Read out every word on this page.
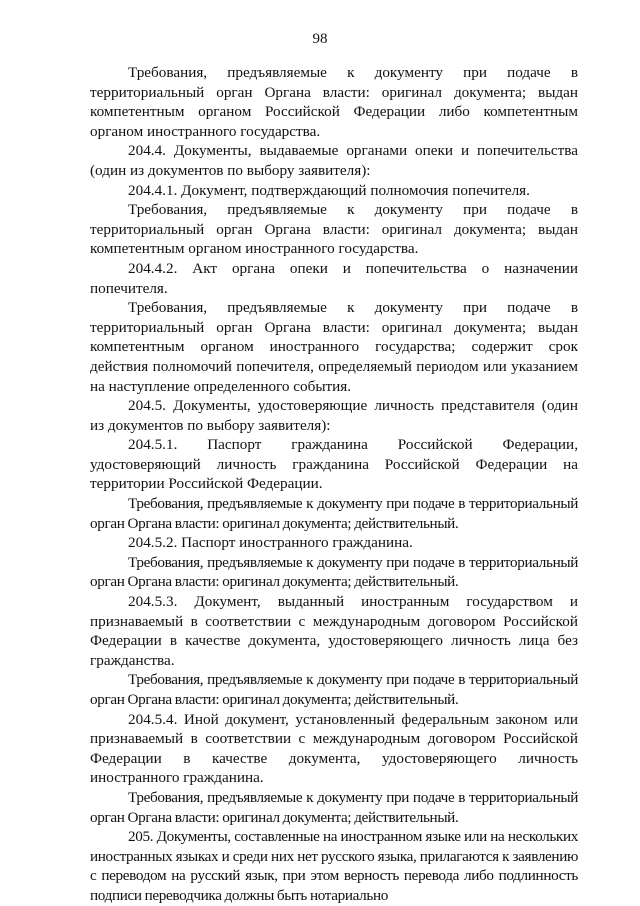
98

Требования, предъявляемые к документу при подаче в территориальный орган Органа власти: оригинал документа; выдан компетентным органом Российской Федерации либо компетентным органом иностранного государства.

204.4. Документы, выдаваемые органами опеки и попечительства (один из документов по выбору заявителя):

204.4.1. Документ, подтверждающий полномочия попечителя.

Требования, предъявляемые к документу при подаче в территориальный орган Органа власти: оригинал документа; выдан компетентным органом иностранного государства.

204.4.2. Акт органа опеки и попечительства о назначении попечителя.

Требования, предъявляемые к документу при подаче в территориальный орган Органа власти: оригинал документа; выдан компетентным органом иностранного государства; содержит срок действия полномочий попечителя, определяемый периодом или указанием на наступление определенного события.

204.5. Документы, удостоверяющие личность представителя (один из документов по выбору заявителя):

204.5.1. Паспорт гражданина Российской Федерации, удостоверяющий личность гражданина Российской Федерации на территории Российской Федерации.

Требования, предъявляемые к документу при подаче в территориальный орган Органа власти: оригинал документа; действительный.

204.5.2. Паспорт иностранного гражданина.

Требования, предъявляемые к документу при подаче в территориальный орган Органа власти: оригинал документа; действительный.

204.5.3. Документ, выданный иностранным государством и признаваемый в соответствии с международным договором Российской Федерации в качестве документа, удостоверяющего личность лица без гражданства.

Требования, предъявляемые к документу при подаче в территориальный орган Органа власти: оригинал документа; действительный.

204.5.4. Иной документ, установленный федеральным законом или признаваемый в соответствии с международным договором Российской Федерации в качестве документа, удостоверяющего личность иностранного гражданина.

Требования, предъявляемые к документу при подаче в территориальный орган Органа власти: оригинал документа; действительный.

205. Документы, составленные на иностранном языке или на нескольких иностранных языках и среди них нет русского языка, прилагаются к заявлению с переводом на русский язык, при этом верность перевода либо подлинность подписи переводчика должны быть нотариально
